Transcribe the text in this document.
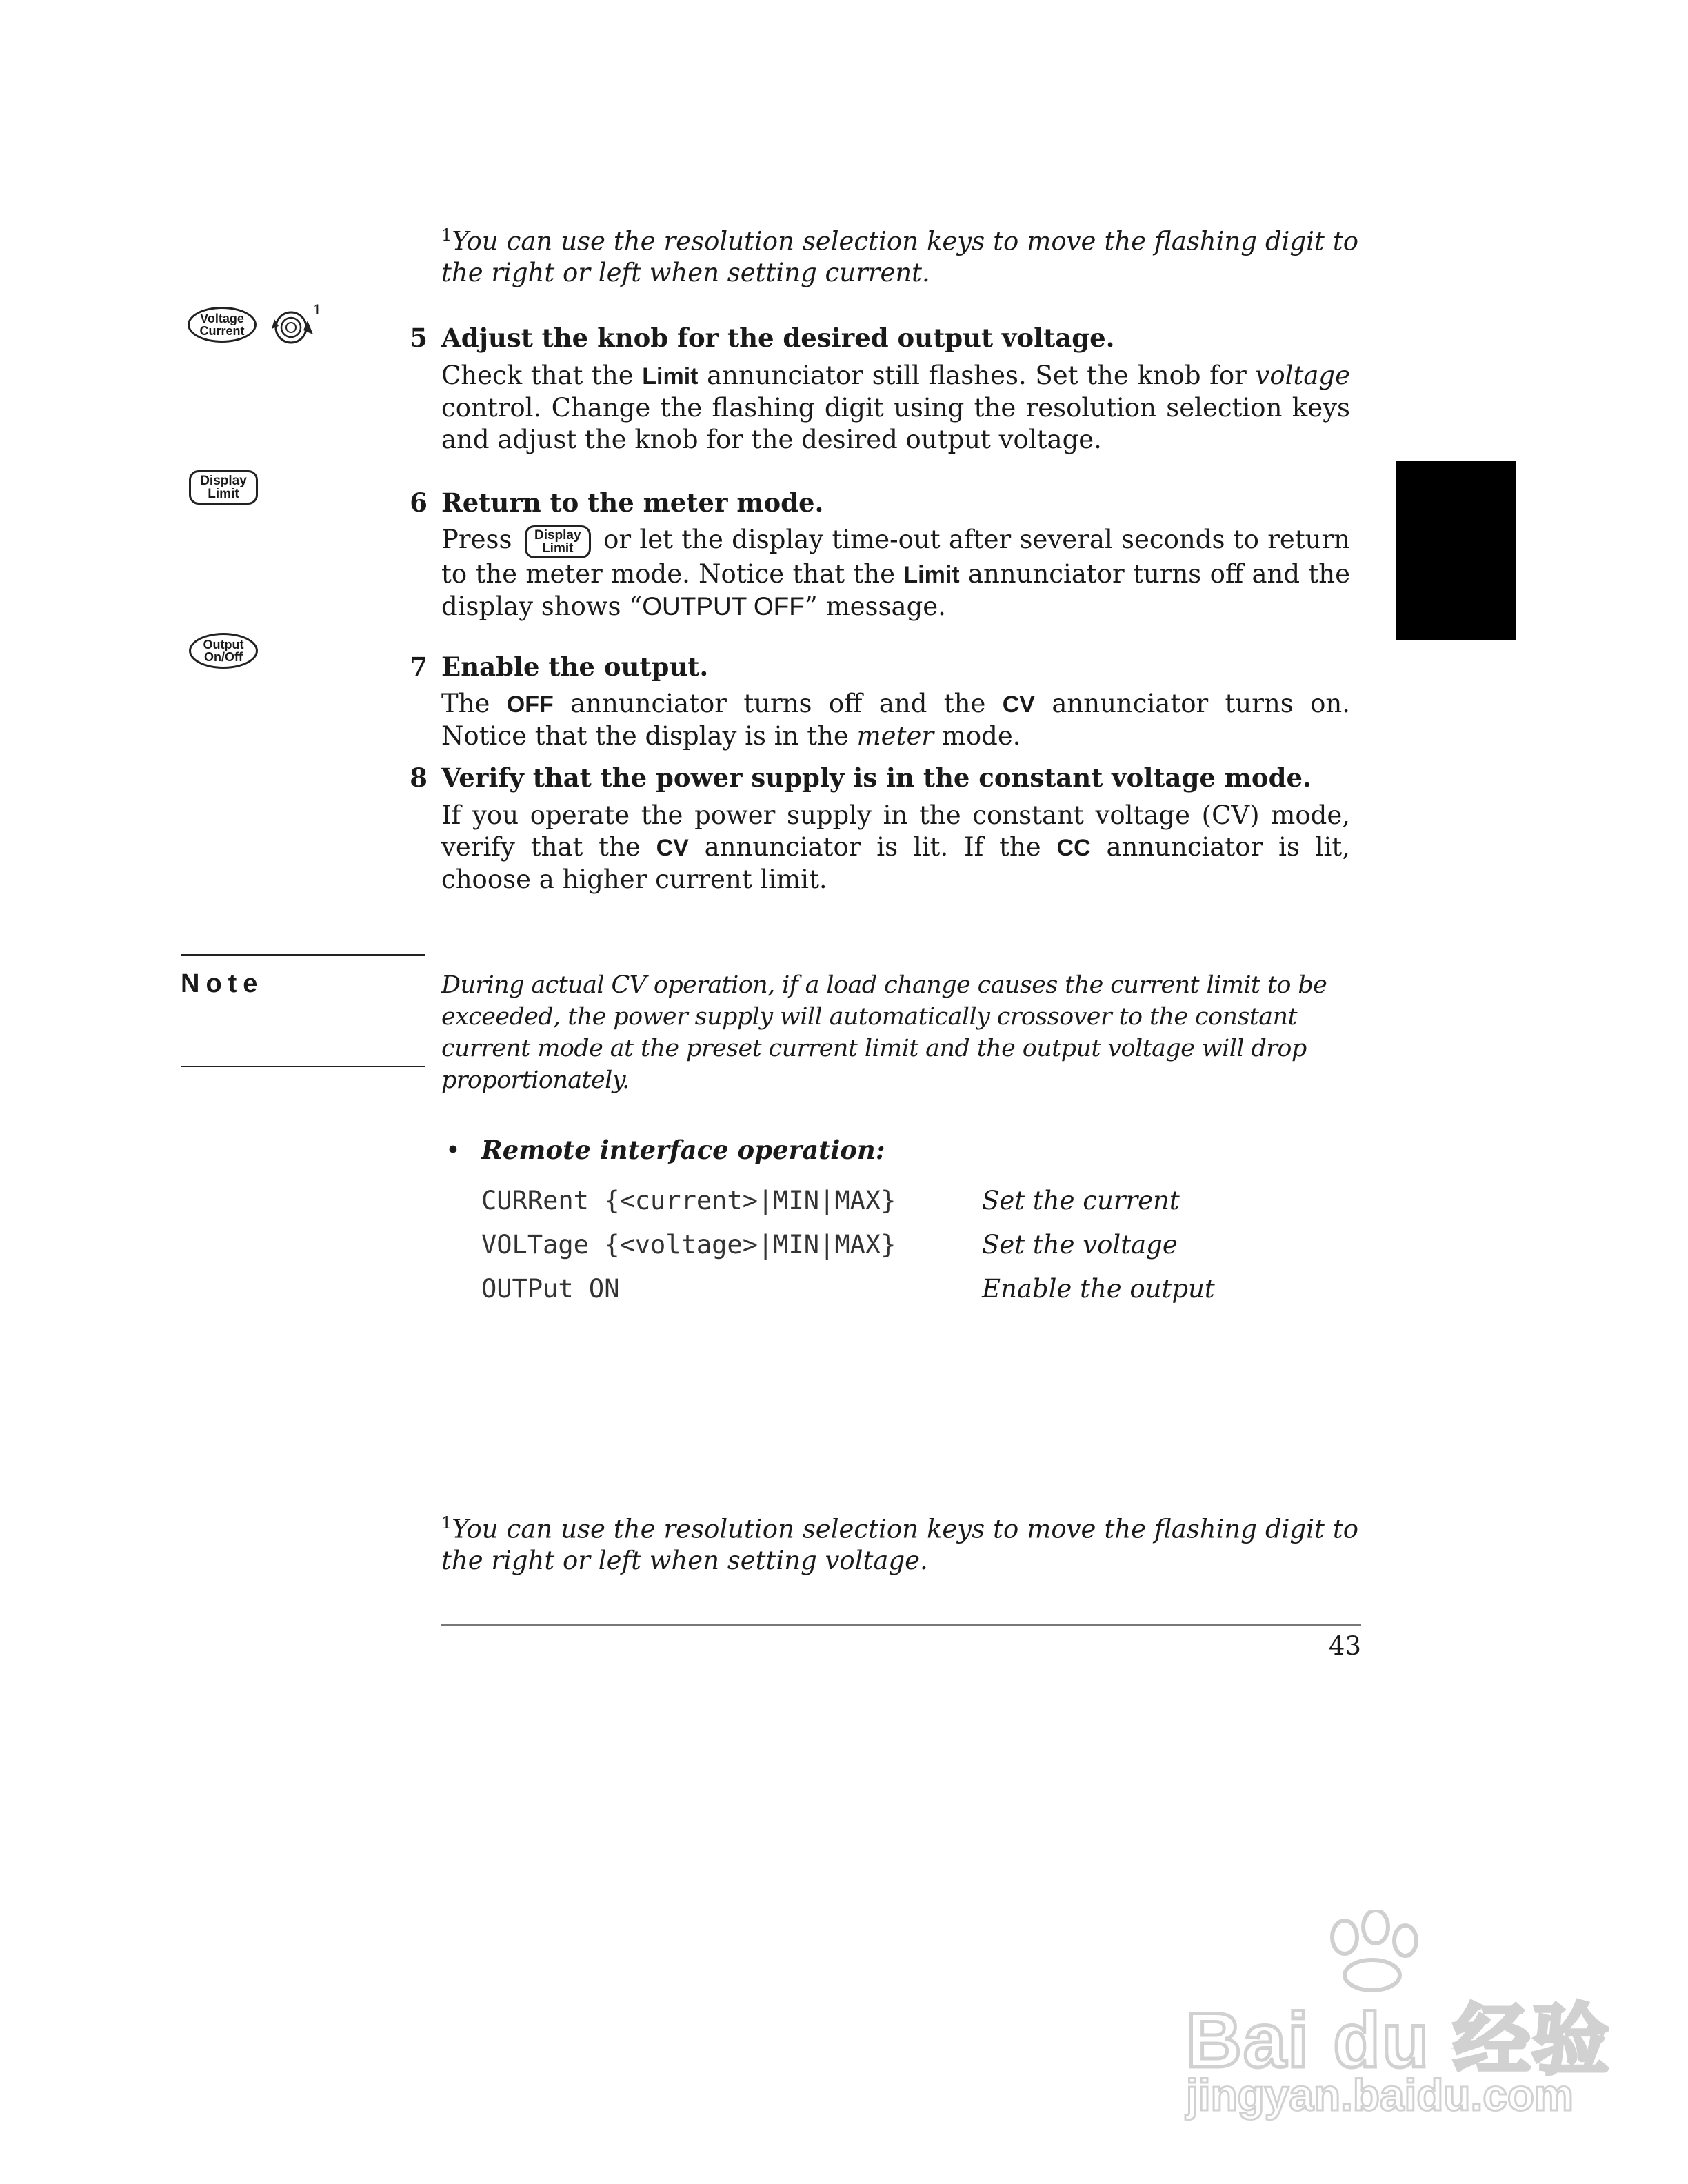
$^1$You can use the resolution selection keys to move the flashing digit to the right or left when setting current.
Voltage
Current
1
5 Adjust the knob for the desired output voltage.
Check that the Limit annunciator still flashes. Set the knob for voltage control. Change the flashing digit using the resolution selection keys and adjust the knob for the desired output voltage.
Display
Limit	6 Return to the meter mode.
Press Display
Limit or let the display time-out after several seconds to return to the meter mode. Notice that the Limit annunciator turns off and the display shows “OUTPUT OFF” message.
Output
On/Off	7 Enable the output.
The OFF annunciator turns off and the CV annunciator turns on. Notice that the display is in the meter mode.
8 Verify that the power supply is in the constant voltage mode.
If you operate the power supply in the constant voltage (CV) mode, verify that the CV annunciator is lit. If the CC annunciator is lit, choose a higher current limit.
Note	During actual CV operation, if a load change causes the current limit to be exceeded, the power supply will automatically crossover to the constant current mode at the preset current limit and the output voltage will drop proportionately.
• Remote interface operation:
CURRent {<current>|MIN|MAX}	Set the current
VOLTage {<voltage>|MIN|MAX}	Set the voltage
OUTPut ON	Enable the output
$^1$You can use the resolution selection keys to move the flashing digit to the right or left when setting voltage.
43
Bai du 经验
jingyan.baidu.com
